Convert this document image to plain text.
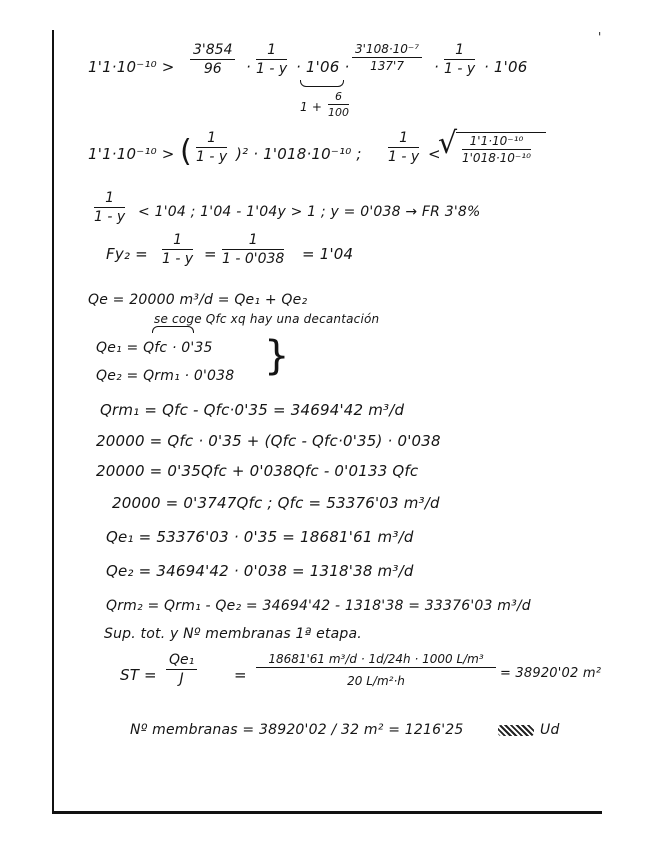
'
$1'1\cdot 10^{-10} > \frac{3'854}{96} \cdot \frac{1}{1 - y} \cdot 1'06 \cdot \frac{\text{3'108·10⁻⁷}}{137'7} \cdot \frac{1}{1 - y} \cdot 1'06$
$1 + \frac{6}{100}$
1'1·10⁻¹⁰ > ( $\frac{1}{1 - y} )^2 \cdot 1'018\cdot 10^{-10}$ ; $\frac{1}{1 - y}$ <
√ $\frac{\text{1'1·10⁻¹⁰}}{\text{1'018·10⁻¹⁰}}$
$\frac{1}{1 - y} < 1'04$ ; 1'04 - 1'04y > 1 ; y = 0'038 → FR 3'8%
$Fy_2 = \frac{1}{1 - y} = \frac{1}{1 - 0'038} = 1'04$
Qe = 20000 m³/d = Qe₁ + Qe₂
se coge Qfc xq hay una decantación
Qe₁ = Qfc · 0'35
Qe₂ = Qrm₁ · 0'038 }
Qrm₁ = Qfc - Qfc·0'35 = 34694'42 m³/d
20000 = Qfc · 0'35 + (Qfc - Qfc·0'35) · 0'038
20000 = 0'35Qfc + 0'038Qfc - 0'0133 Qfc
20000 = 0'3747Qfc ; Qfc = 53376'03 m³/d
Qe₁ = 53376'03 · 0'35 = 18681'61 m³/d
Qe₂ = 34694'42 · 0'038 = 1318'38 m³/d
Qrm₂ = Qrm₁ - Qe₂ = 34694'42 - 1318'38 = 33376'03 m³/d
Sup. tot. y Nº membranas 1ª etapa.
ST = $\frac{\text{Qe₁}}{J} = \frac{\text{18681'61 m³/d · 1d/24h · 1000 L/m³}}{\text{20 L/m²·h}} = 38920'02$ m²
Nº membranas = 38920'02 / 32 m² = 1216'25	Ud
